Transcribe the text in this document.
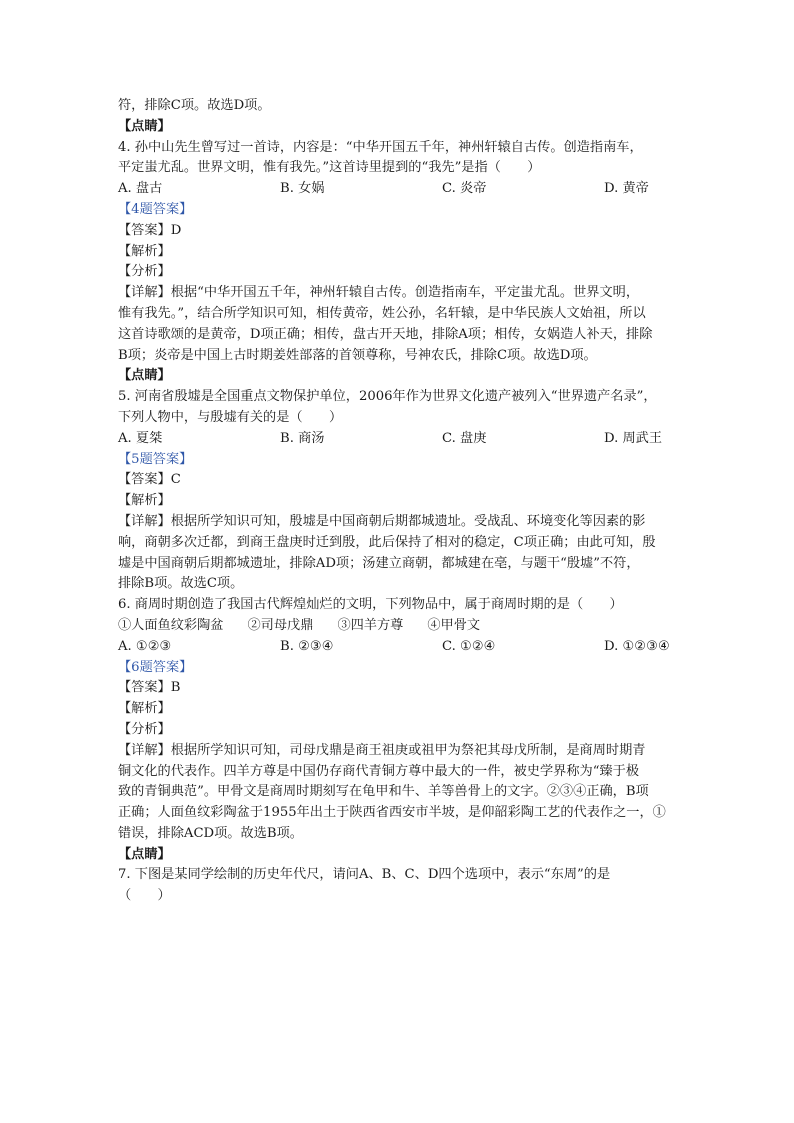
符，排除C项。故选D项。
【点睛】
4. 孙中山先生曾写过一首诗，内容是：“中华开国五千年，神州轩辕自古传。创造指南车，
平定蚩尤乱。世界文明，惟有我先。”这首诗里提到的“我先”是指（　　）
A. 盘古	B. 女娲	C. 炎帝	D. 黄帝
【4题答案】
【答案】D
【解析】
【分析】
【详解】根据“中华开国五千年，神州轩辕自古传。创造指南车，平定蚩尤乱。世界文明，
惟有我先。”，结合所学知识可知，相传黄帝，姓公孙，名轩辕，是中华民族人文始祖，所以
这首诗歌颂的是黄帝，D项正确；相传，盘古开天地，排除A项；相传，女娲造人补天，排除
B项；炎帝是中国上古时期姜姓部落的首领尊称，号神农氏，排除C项。故选D项。
【点睛】
5. 河南省殷墟是全国重点文物保护单位，2006年作为世界文化遗产被列入“世界遗产名录”，
下列人物中，与殷墟有关的是（　　）
A. 夏桀	B. 商汤	C. 盘庚	D. 周武王
【5题答案】
【答案】C
【解析】
【详解】根据所学知识可知，殷墟是中国商朝后期都城遗址。受战乱、环境变化等因素的影
响，商朝多次迁都，到商王盘庚时迁到殷，此后保持了相对的稳定，C项正确；由此可知，殷
墟是中国商朝后期都城遗址，排除AD项；汤建立商朝，都城建在亳，与题干“殷墟”不符，
排除B项。故选C项。
6. 商周时期创造了我国古代辉煌灿烂的文明，下列物品中，属于商周时期的是（　　）
①人面鱼纹彩陶盆 ②司母戊鼎 ③四羊方尊 ④甲骨文
A. ①②③	B. ②③④	C. ①②④	D. ①②③④
【6题答案】
【答案】B
【解析】
【分析】
【详解】根据所学知识可知，司母戊鼎是商王祖庚或祖甲为祭祀其母戊所制，是商周时期青
铜文化的代表作。四羊方尊是中国仍存商代青铜方尊中最大的一件，被史学界称为“臻于极
致的青铜典范”。甲骨文是商周时期刻写在龟甲和牛、羊等兽骨上的文字。②③④正确，B项
正确；人面鱼纹彩陶盆于1955年出土于陕西省西安市半坡，是仰韶彩陶工艺的代表作之一，①
错误，排除ACD项。故选B项。
【点睛】
7. 下图是某同学绘制的历史年代尺，请问A、B、C、D四个选项中，表示“东周”的是
（　　）
